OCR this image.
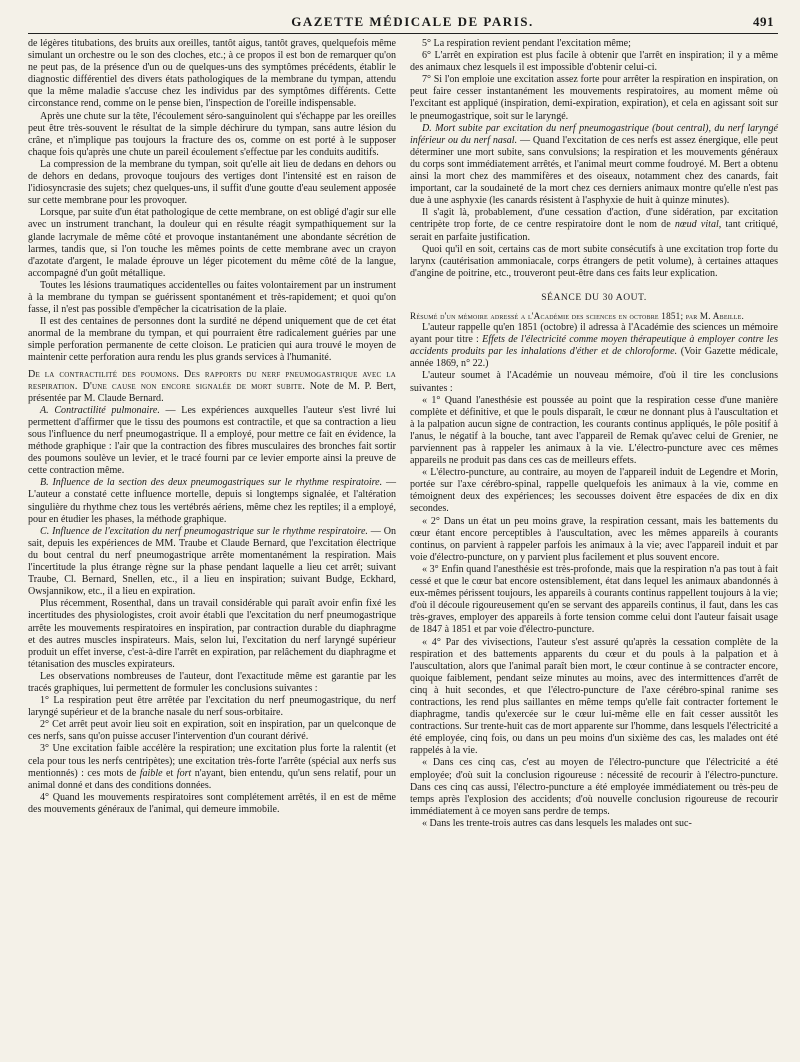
GAZETTE MÉDICALE DE PARIS.	491

de légères titubations, des bruits aux oreilles, tantôt aigus, tantôt graves, quelquefois même simulant un orchestre ou le son des cloches, etc.; à ce propos il est bon de remarquer qu'on ne peut pas, de la présence d'un ou de quelques-uns des symptômes précédents, établir le diagnostic différentiel des divers états pathologiques de la membrane du tympan, attendu que la même maladie s'accuse chez les individus par des symptômes différents. Cette circonstance rend, comme on le pense bien, l'inspection de l'oreille indispensable.

Après une chute sur la tête, l'écoulement séro-sanguinolent qui s'échappe par les oreilles peut être très-souvent le résultat de la simple déchirure du tympan, sans autre lésion du crâne, et n'implique pas toujours la fracture des os, comme on est porté à le supposer chaque fois qu'après une chute un pareil écoulement s'effectue par les conduits auditifs.

La compression de la membrane du tympan, soit qu'elle ait lieu de dedans en dehors ou de dehors en dedans, provoque toujours des vertiges dont l'intensité est en raison de l'idiosyncrasie des sujets; chez quelques-uns, il suffit d'une goutte d'eau seulement apposée sur cette membrane pour les provoquer.

Lorsque, par suite d'un état pathologique de cette membrane, on est obligé d'agir sur elle avec un instrument tranchant, la douleur qui en résulte réagit sympathiquement sur la glande lacrymale de même côté et provoque instantanément une abondante sécrétion de larmes, tandis que, si l'on touche les mêmes points de cette membrane avec un crayon d'azotate d'argent, le malade éprouve un léger picotement du même côté de la langue, accompagné d'un goût métallique.

Toutes les lésions traumatiques accidentelles ou faites volontairement par un instrument à la membrane du tympan se guérissent spontanément et très-rapidement; et quoi qu'on fasse, il n'est pas possible d'empêcher la cicatrisation de la plaie.

Il est des centaines de personnes dont la surdité ne dépend uniquement que de cet état anormal de la membrane du tympan, et qui pourraient être radicalement guéries par une simple perforation permanente de cette cloison. Le praticien qui aura trouvé le moyen de maintenir cette perforation aura rendu les plus grands services à l'humanité.

De la contractilité des poumons. Des rapports du nerf pneumogastrique avec la respiration. D'une cause non encore signalée de mort subite. Note de M. P. Bert, présentée par M. Claude Bernard.

A. Contractilité pulmonaire. — Les expériences auxquelles l'auteur s'est livré lui permettent d'affirmer que le tissu des poumons est contractile, et que sa contraction a lieu sous l'influence du nerf pneumogastrique. Il a employé, pour mettre ce fait en évidence, la méthode graphique : l'air que la contraction des fibres musculaires des bronches fait sortir des poumons soulève un levier, et le tracé fourni par ce levier emporte ainsi la preuve de cette contraction même.

B. Influence de la section des deux pneumogastriques sur le rhythme respiratoire. — L'auteur a constaté cette influence mortelle, depuis si longtemps signalée, et l'altération singulière du rhythme chez tous les vertébrés aériens, même chez les reptiles; il a employé, pour en étudier les phases, la méthode graphique.

C. Influence de l'excitation du nerf pneumogastrique sur le rhythme respiratoire. — On sait, depuis les expériences de MM. Traube et Claude Bernard, que l'excitation électrique du bout central du nerf pneumogastrique arrête momentanément la respiration. Mais l'incertitude la plus étrange règne sur la phase pendant laquelle a lieu cet arrêt; suivant Traube, Cl. Bernard, Snellen, etc., il a lieu en inspiration; suivant Budge, Eckhard, Owsjannikow, etc., il a lieu en expiration.

Plus récemment, Rosenthal, dans un travail considérable qui paraît avoir enfin fixé les incertitudes des physiologistes, croit avoir établi que l'excitation du nerf pneumogastrique arrête les mouvements respiratoires en inspiration, par contraction durable du diaphragme et des autres muscles inspirateurs. Mais, selon lui, l'excitation du nerf laryngé supérieur produit un effet inverse, c'est-à-dire l'arrêt en expiration, par relâchement du diaphragme et tétanisation des muscles expirateurs.

Les observations nombreuses de l'auteur, dont l'exactitude même est garantie par les tracés graphiques, lui permettent de formuler les conclusions suivantes :

1° La respiration peut être arrêtée par l'excitation du nerf pneumogastrique, du nerf laryngé supérieur et de la branche nasale du nerf sous-orbitaire.

2° Cet arrêt peut avoir lieu soit en expiration, soit en inspiration, par un quelconque de ces nerfs, sans qu'on puisse accuser l'intervention d'un courant dérivé.

3° Une excitation faible accélère la respiration; une excitation plus forte la ralentit (et cela pour tous les nerfs centripètes); une excitation très-forte l'arrête (spécial aux nerfs sus mentionnés) : ces mots de faible et fort n'ayant, bien entendu, qu'un sens relatif, pour un animal donné et dans des conditions données.

4° Quand les mouvements respiratoires sont complétement arrêtés, il en est de même des mouvements généraux de l'animal, qui demeure immobile.

5° La respiration revient pendant l'excitation même;

6° L'arrêt en expiration est plus facile à obtenir que l'arrêt en inspiration; il y a même des animaux chez lesquels il est impossible d'obtenir celui-ci.

7° Si l'on emploie une excitation assez forte pour arrêter la respiration en inspiration, on peut faire cesser instantanément les mouvements respiratoires, au moment même où l'excitant est appliqué (inspiration, demi-expiration, expiration), et cela en agissant soit sur le pneumogastrique, soit sur le laryngé.

D. Mort subite par excitation du nerf pneumogastrique (bout central), du nerf laryngé inférieur ou du nerf nasal. — Quand l'excitation de ces nerfs est assez énergique, elle peut déterminer une mort subite, sans convulsions; la respiration et les mouvements généraux du corps sont immédiatement arrêtés, et l'animal meurt comme foudroyé. M. Bert a obtenu ainsi la mort chez des mammifères et des oiseaux, notamment chez des canards, fait important, car la soudaineté de la mort chez ces derniers animaux montre qu'elle n'est pas due à une asphyxie (les canards résistent à l'asphyxie de huit à quinze minutes).

Il s'agit là, probablement, d'une cessation d'action, d'une sidération, par excitation centripète trop forte, de ce centre respiratoire dont le nom de nœud vital, tant critiqué, serait en parfaite justification.

Quoi qu'il en soit, certains cas de mort subite consécutifs à une excitation trop forte du larynx (cautérisation ammoniacale, corps étrangers de petit volume), à certaines attaques d'angine de poitrine, etc., trouveront peut-être dans ces faits leur explication.

SÉANCE DU 30 AOUT.

Résumé d'un mémoire adressé a l'Académie des sciences en octobre 1851; par M. Abeille.

L'auteur rappelle qu'en 1851 (octobre) il adressa à l'Académie des sciences un mémoire ayant pour titre : Effets de l'électricité comme moyen thérapeutique à employer contre les accidents produits par les inhalations d'éther et de chloroforme. (Voir Gazette médicale, année 1869, n° 22.)

L'auteur soumet à l'Académie un nouveau mémoire, d'où il tire les conclusions suivantes :

« 1° Quand l'anesthésie est poussée au point que la respiration cesse d'une manière complète et définitive, et que le pouls disparaît, le cœur ne donnant plus à l'auscultation et à la palpation aucun signe de contraction, les courants continus appliqués, le pôle positif à l'anus, le négatif à la bouche, tant avec l'appareil de Remak qu'avec celui de Grenier, ne parviennent pas à rappeler les animaux à la vie. L'électro-puncture avec ces mêmes appareils ne produit pas dans ces cas de meilleurs effets.

« L'électro-puncture, au contraire, au moyen de l'appareil induit de Legendre et Morin, portée sur l'axe cérébro-spinal, rappelle quelquefois les animaux à la vie, comme en témoignent deux des expériences; les secousses doivent être espacées de dix en dix secondes.

« 2° Dans un état un peu moins grave, la respiration cessant, mais les battements du cœur étant encore perceptibles à l'auscultation, avec les mêmes appareils à courants continus, on parvient à rappeler parfois les animaux à la vie; avec l'appareil induit et par voie d'électro-puncture, on y parvient plus facilement et plus souvent encore.

« 3° Enfin quand l'anesthésie est très-profonde, mais que la respiration n'a pas tout à fait cessé et que le cœur bat encore ostensiblement, état dans lequel les animaux abandonnés à eux-mêmes périssent toujours, les appareils à courants continus rappellent toujours à la vie; d'où il découle rigoureusement qu'en se servant des appareils continus, il faut, dans les cas très-graves, employer des appareils à forte tension comme celui dont l'auteur faisait usage de 1847 à 1851 et par voie d'électro-puncture.

« 4° Par des vivisections, l'auteur s'est assuré qu'après la cessation complète de la respiration et des battements apparents du cœur et du pouls à la palpation et à l'auscultation, alors que l'animal paraît bien mort, le cœur continue à se contracter encore, quoique faiblement, pendant seize minutes au moins, avec des intermittences d'arrêt de cinq à huit secondes, et que l'électro-puncture de l'axe cérébro-spinal ranime ses contractions, les rend plus saillantes en même temps qu'elle fait contracter fortement le diaphragme, tandis qu'exercée sur le cœur lui-même elle en fait cesser aussitôt les contractions. Sur trente-huit cas de mort apparente sur l'homme, dans lesquels l'électricité a été employée, cinq fois, ou dans un peu moins d'un sixième des cas, les malades ont été rappelés à la vie.

« Dans ces cinq cas, c'est au moyen de l'électro-puncture que l'électricité a été employée; d'où suit la conclusion rigoureuse : nécessité de recourir à l'électro-puncture. Dans ces cinq cas aussi, l'électro-puncture a été employée immédiatement ou très-peu de temps après l'explosion des accidents; d'où nouvelle conclusion rigoureuse de recourir immédiatement à ce moyen sans perdre de temps.

« Dans les trente-trois autres cas dans lesquels les malades ont suc-
